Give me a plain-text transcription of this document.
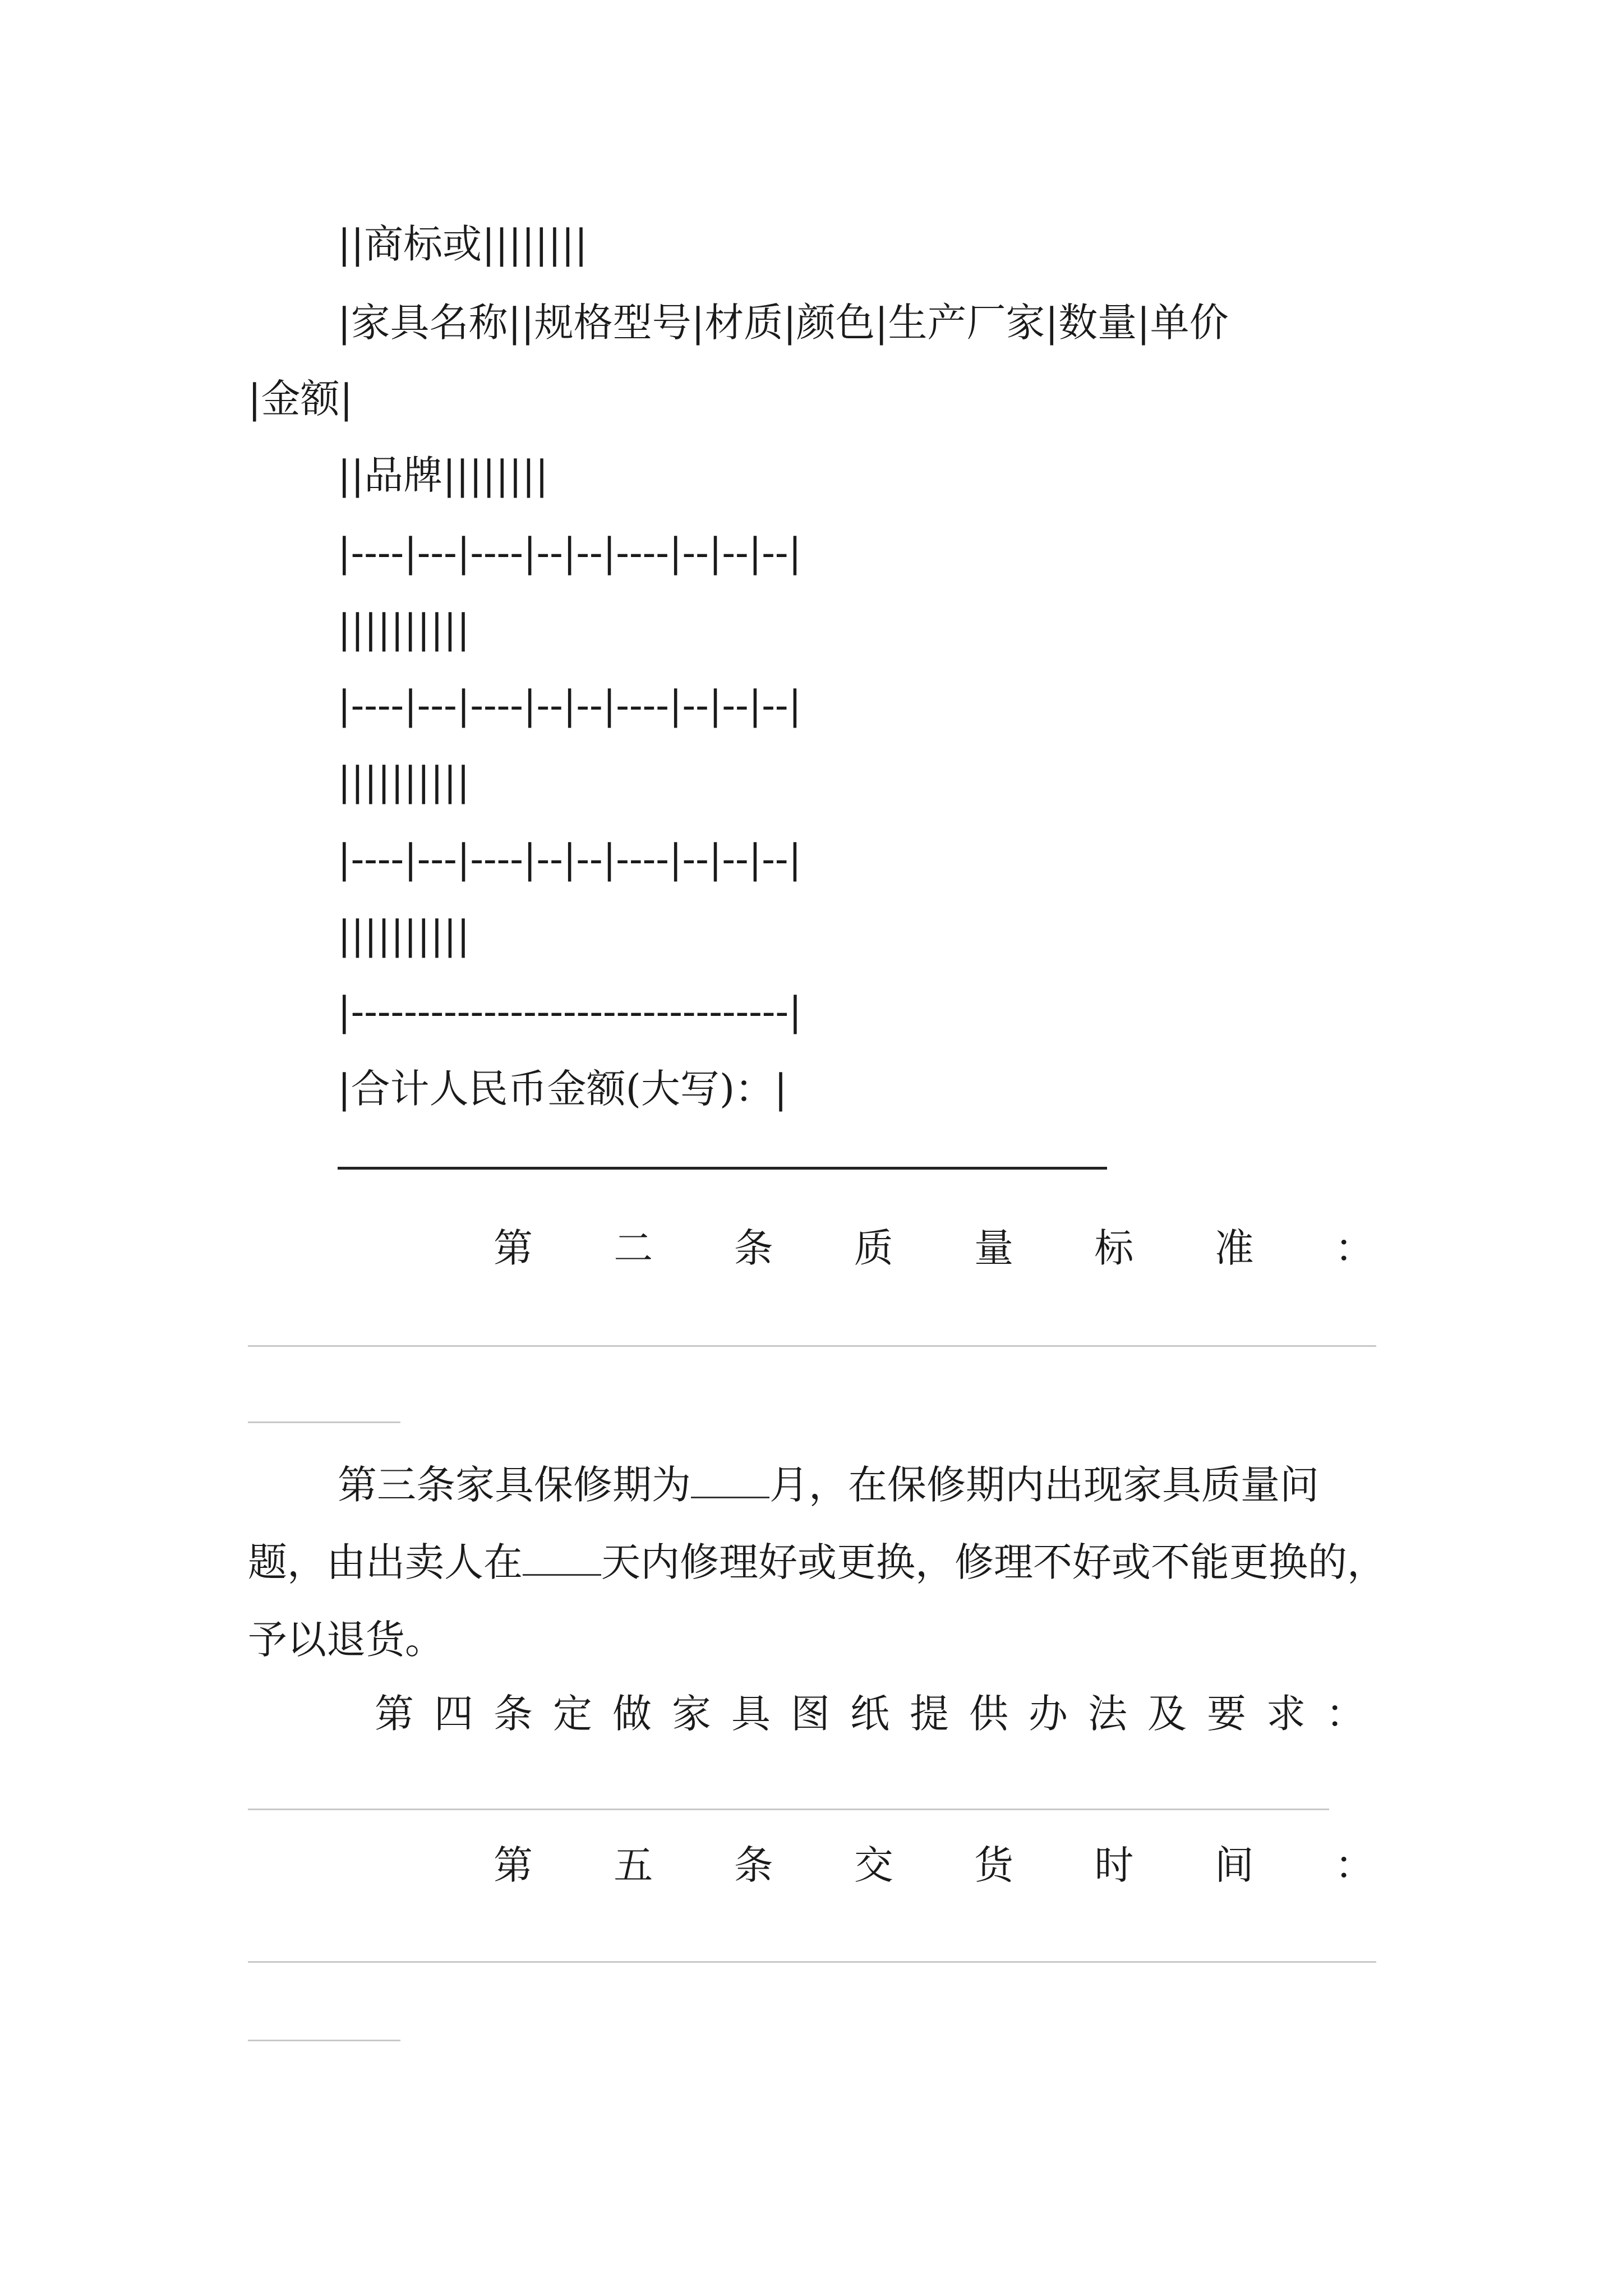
||商标或||||||||
|家具名称||规格型号|材质|颜色|生产厂家|数量|单价
|金额|
||品牌||||||||
|----|---|----|--|--|----|--|--|--|
||||||||||
|----|---|----|--|--|----|--|--|--|
||||||||||
|----|---|----|--|--|----|--|--|--|
||||||||||
|---------------------------------|
|合计人民币金额(大写)：|
第 二 条 质 量 标 准 ：
第三条家具保修期为 月，在保修期内出现家具质量问题，由出卖人在 天内修理好或更换，修理不好或不能更换的，予以退货。
第四条定做家具图纸提供办法及要求：
第 五 条 交 货 时 间 ：
